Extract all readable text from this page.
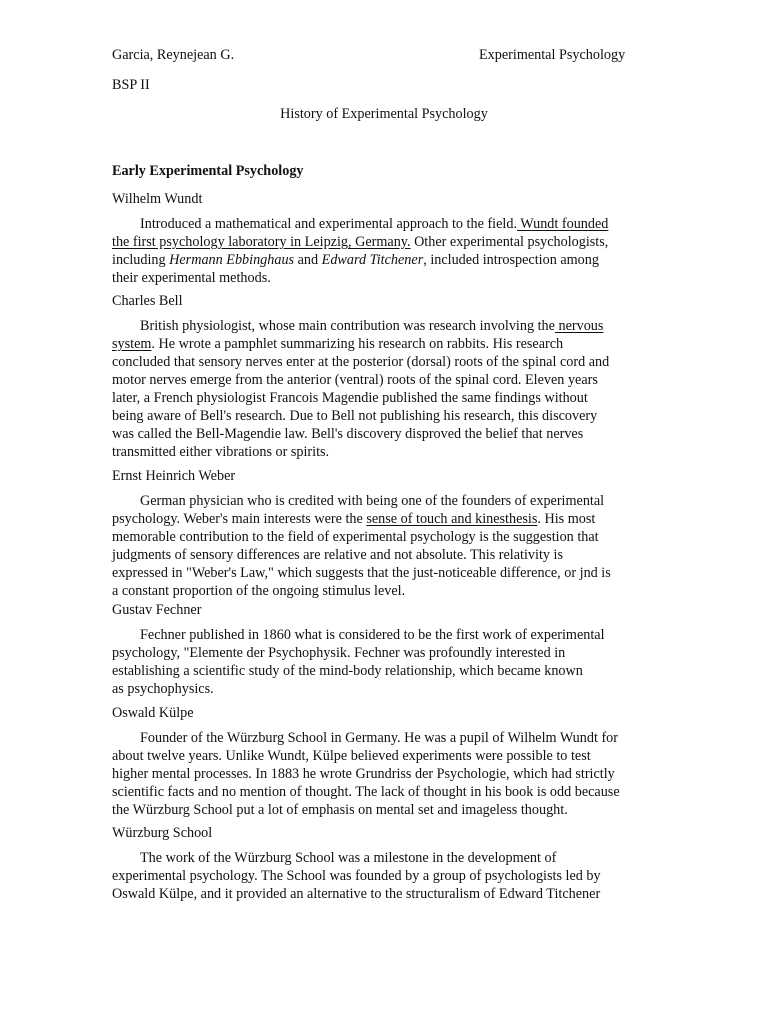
Garcia, Reynejean G.	Experimental Psychology
BSP II
History of Experimental Psychology
Early Experimental Psychology
Wilhelm Wundt
Introduced a mathematical and experimental approach to the field. Wundt founded
the first psychology laboratory in Leipzig, Germany. Other experimental psychologists,
including Hermann Ebbinghaus and Edward Titchener, included introspection among
their experimental methods.
Charles Bell
British physiologist, whose main contribution was research involving the nervous
system. He wrote a pamphlet summarizing his research on rabbits. His research
concluded that sensory nerves enter at the posterior (dorsal) roots of the spinal cord and
motor nerves emerge from the anterior (ventral) roots of the spinal cord. Eleven years
later, a French physiologist Francois Magendie published the same findings without
being aware of Bell's research. Due to Bell not publishing his research, this discovery
was called the Bell-Magendie law. Bell's discovery disproved the belief that nerves
transmitted either vibrations or spirits.
Ernst Heinrich Weber
German physician who is credited with being one of the founders of experimental
psychology. Weber's main interests were the sense of touch and kinesthesis. His most
memorable contribution to the field of experimental psychology is the suggestion that
judgments of sensory differences are relative and not absolute. This relativity is
expressed in "Weber's Law," which suggests that the just-noticeable difference, or jnd is
a constant proportion of the ongoing stimulus level.
Gustav Fechner
Fechner published in 1860 what is considered to be the first work of experimental
psychology, "Elemente der Psychophysik. Fechner was profoundly interested in
establishing a scientific study of the mind-body relationship, which became known
as psychophysics.
Oswald Külpe
Founder of the Würzburg School in Germany. He was a pupil of Wilhelm Wundt for
about twelve years. Unlike Wundt, Külpe believed experiments were possible to test
higher mental processes. In 1883 he wrote Grundriss der Psychologie, which had strictly
scientific facts and no mention of thought. The lack of thought in his book is odd because
the Würzburg School put a lot of emphasis on mental set and imageless thought.
Würzburg School
The work of the Würzburg School was a milestone in the development of
experimental psychology. The School was founded by a group of psychologists led by
Oswald Külpe, and it provided an alternative to the structuralism of Edward Titchener
